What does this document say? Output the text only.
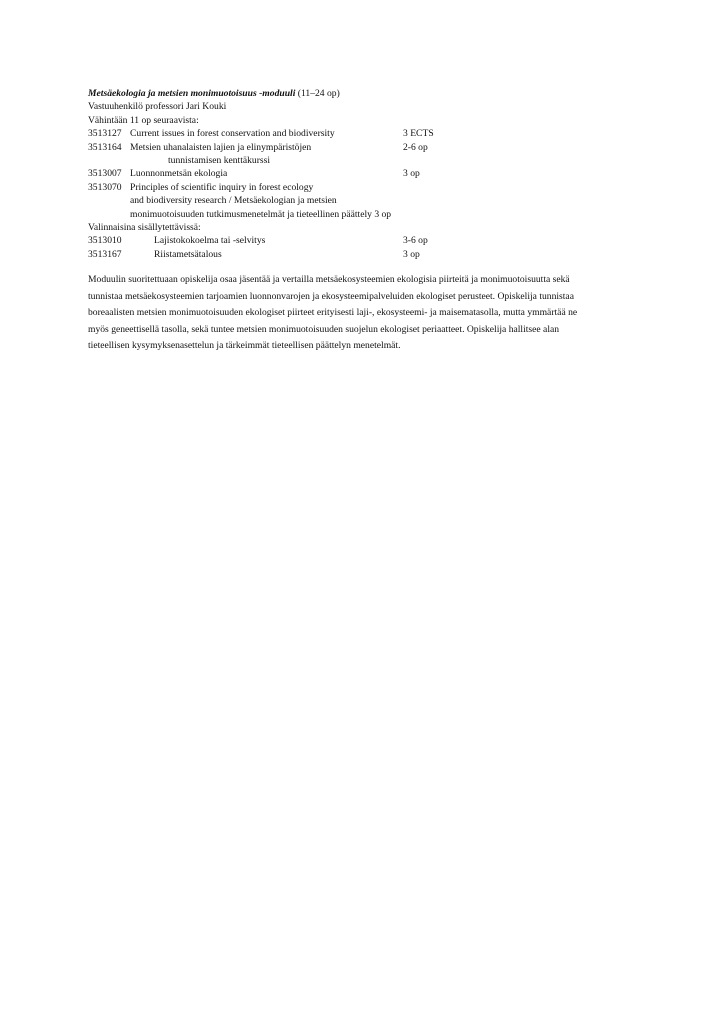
Metsäekologia ja metsien monimuotoisuus -moduuli (11–24 op)
Vastuuhenkilö professori Jari Kouki
Vähintään 11 op seuraavista:
3513127 Current issues in forest conservation and biodiversity	3 ECTS
3513164 Metsien uhanalaisten lajien ja elinympäristöjen	2-6 op
tunnistamisen kenttäkurssi
3513007 Luonnonmetsän ekologia	3 op
3513070 Principles of scientific inquiry in forest ecology
and biodiversity research / Metsäekologian ja metsien
monimuotoisuuden tutkimusmenetelmät ja tieteellinen päättely 3 op
Valinnaisina sisällytettävissä:
3513010	Lajistokokoelma tai -selvitys	3-6 op
3513167	Riistametsätalous	3 op
Moduulin suoritettuaan opiskelija osaa jäsentää ja vertailla metsäekosysteemien ekologisia piirteitä ja monimuotoisuutta sekä
tunnistaa metsäekosysteemien tarjoamien luonnonvarojen ja ekosysteemipalveluiden ekologiset perusteet. Opiskelija tunnistaa
boreaalisten metsien monimuotoisuuden ekologiset piirteet erityisesti laji-, ekosysteemi- ja maisematasolla, mutta ymmärtää ne
myös geneettisellä tasolla, sekä tuntee metsien monimuotoisuuden suojelun ekologiset periaatteet. Opiskelija hallitsee alan
tieteellisen kysymyksenasettelun ja tärkeimmät tieteellisen päättelyn menetelmät.
